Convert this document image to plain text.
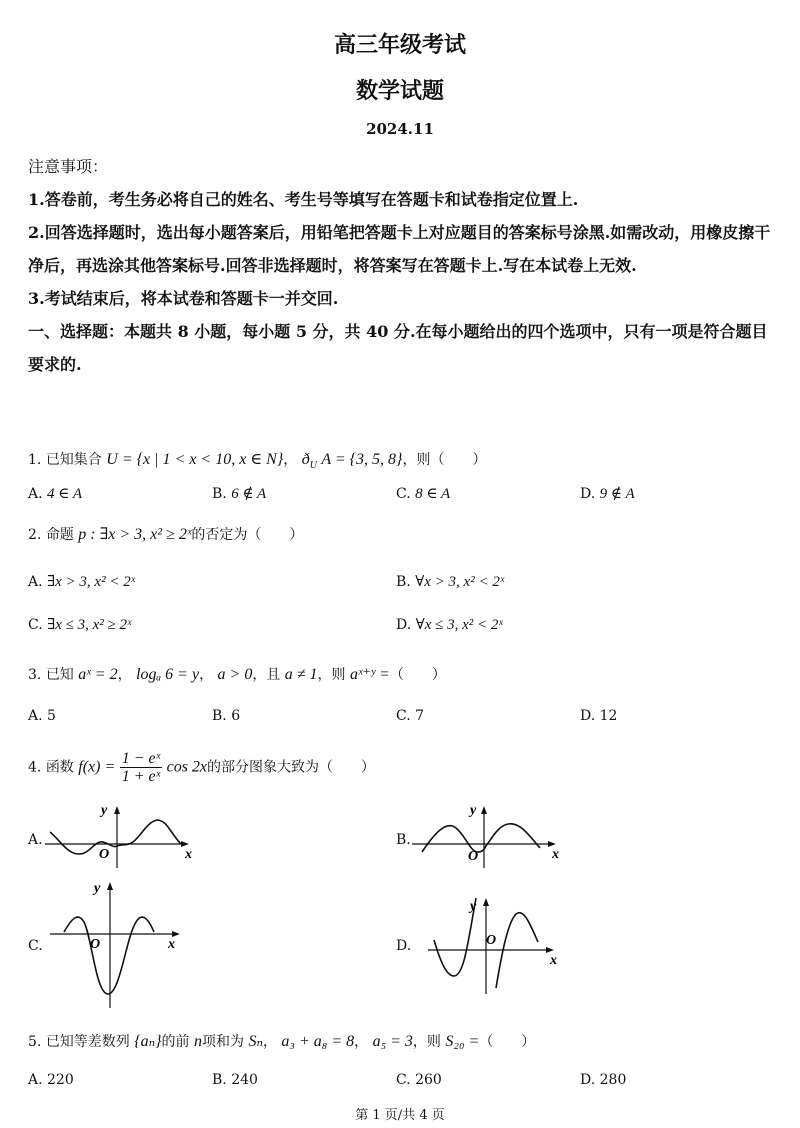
高三年级考试
数学试题
2024.11
注意事项：
1.答卷前，考生务必将自己的姓名、考生号等填写在答题卡和试卷指定位置上.
2.回答选择题时，选出每小题答案后，用铅笔把答题卡上对应题目的答案标号涂黑.如需改动，用橡皮擦干净后，再选涂其他答案标号.回答非选择题时，将答案写在答题卡上.写在本试卷上无效.
3.考试结束后，将本试卷和答题卡一并交回.
一、选择题：本题共 8 小题，每小题 5 分，共 40 分.在每小题给出的四个选项中，只有一项是符合题目要求的.
1. 已知集合 U = {x | 1 < x < 10, x ∈ N}， $ð_U$ A = {3, 5, 8}，则（　　）
A. 4 ∈ A	B. 6 ∉ A	C. 8 ∈ A	D. 9 ∉ A
2. 命题 p : ∃x > 3, x² ≥ 2ˣ的否定为（　　）
A. ∃x > 3, x² < 2ˣ	B. ∀x > 3, x² < 2ˣ
C. ∃x ≤ 3, x² ≥ 2ˣ	D. ∀x ≤ 3, x² < 2ˣ
3. 已知 aˣ = 2， logₐ 6 = y， a > 0，且 a ≠ 1，则 aˣ⁺ʸ =（　　）
A. 5	B. 6	C. 7	D. 12
4. 函数 $f(x) = \frac{\text{1 − eˣ}}{\text{1 + eˣ}}$ cos 2x的部分图象大致为（　　）
A.	B.
C.	D.
y
x
O
y
x
O
y
x
O
y
x
O
5. 已知等差数列 {aₙ}的前 n项和为 Sₙ， a₃ + a₈ = 8， a₅ = 3，则 S₂₀ =（　　）
A. 220	B. 240	C. 260	D. 280
第 1 页/共 4 页
